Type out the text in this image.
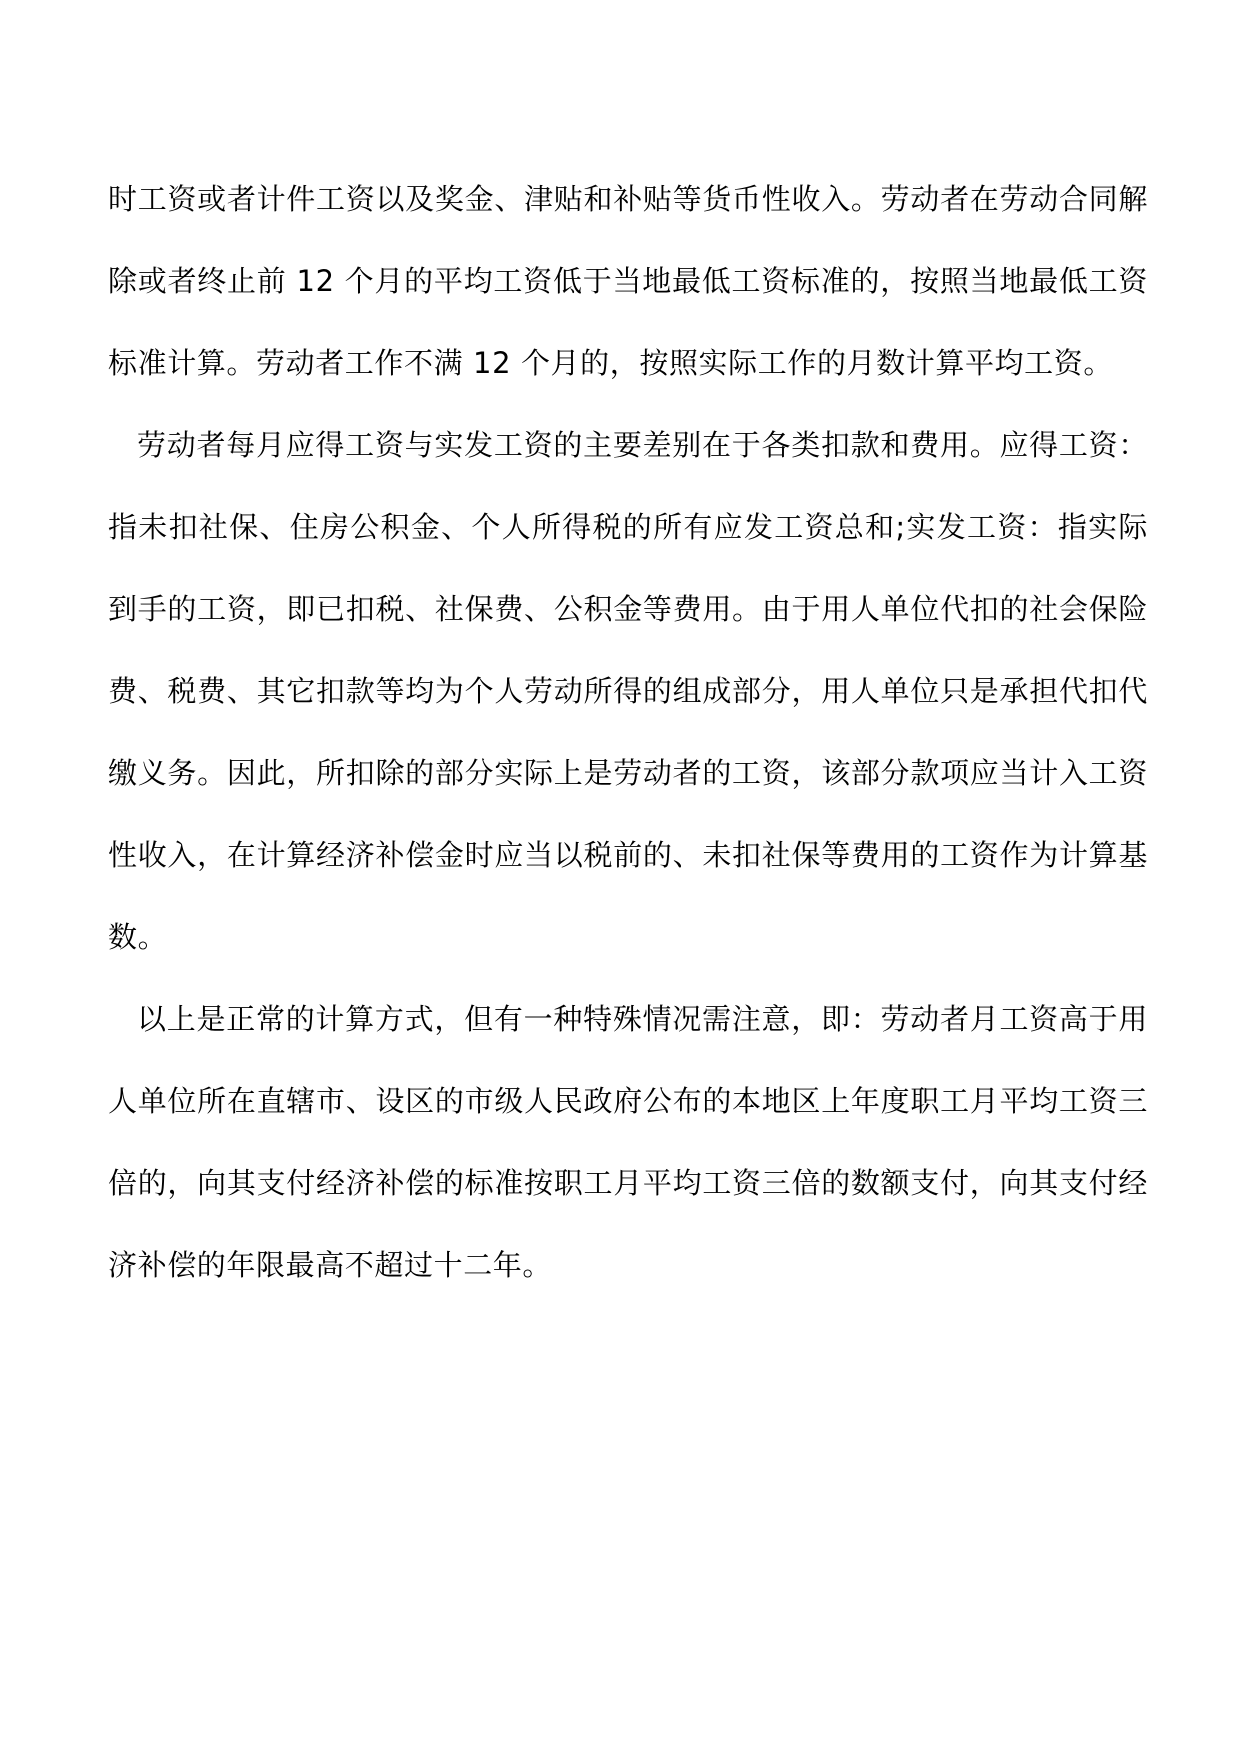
时工资或者计件工资以及奖金、津贴和补贴等货币性收入。劳动者在劳动合同解除或者终止前 12 个月的平均工资低于当地最低工资标准的，按照当地最低工资标准计算。劳动者工作不满 12 个月的，按照实际工作的月数计算平均工资。

劳动者每月应得工资与实发工资的主要差别在于各类扣款和费用。应得工资：指未扣社保、住房公积金、个人所得税的所有应发工资总和;实发工资：指实际到手的工资，即已扣税、社保费、公积金等费用。由于用人单位代扣的社会保险费、税费、其它扣款等均为个人劳动所得的组成部分，用人单位只是承担代扣代缴义务。因此，所扣除的部分实际上是劳动者的工资，该部分款项应当计入工资性收入，在计算经济补偿金时应当以税前的、未扣社保等费用的工资作为计算基数。

以上是正常的计算方式，但有一种特殊情况需注意，即：劳动者月工资高于用人单位所在直辖市、设区的市级人民政府公布的本地区上年度职工月平均工资三倍的，向其支付经济补偿的标准按职工月平均工资三倍的数额支付，向其支付经济补偿的年限最高不超过十二年。
